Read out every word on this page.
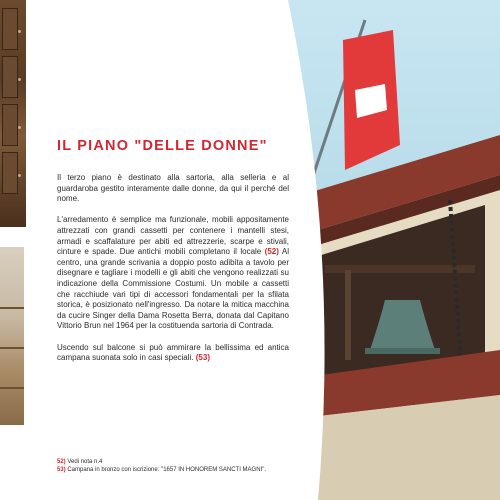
IL PIANO "DELLE DONNE"

Il terzo piano è destinato alla sartoria, alla selleria e al guardaroba gestito interamente dalle donne, da qui il perché del nome.

L'arredamento è semplice ma funzionale, mobili appositamente attrezzati con grandi cassetti per contenere i mantelli stesi, armadi e scaffalature per abiti ed attrezzerie, scarpe e stivali, cinture e spade. Due antichi mobili completano il locale (52) Al centro, una grande scrivania a doppio posto adibita a tavolo per disegnare e tagliare i modelli e gli abiti che vengono realizzati su indicazione della Commissione Costumi. Un mobile a cassetti che racchiude vari tipi di accessori fondamentali per la sfilata storica, è posizionato nell'ingresso. Da notare la mitica macchina da cucire Singer della Dama Rosetta Berra, donata dal Capitano Vittorio Brun nel 1964 per la costituenda sartoria di Contrada.

Uscendo sul balcone si può ammirare la bellissima ed antica campana suonata solo in casi speciali. (53)

52) Vedi nota n.4
53) Campana in bronzo con iscrizione: "1657 IN HONOREM SANCTI MAGNI".
